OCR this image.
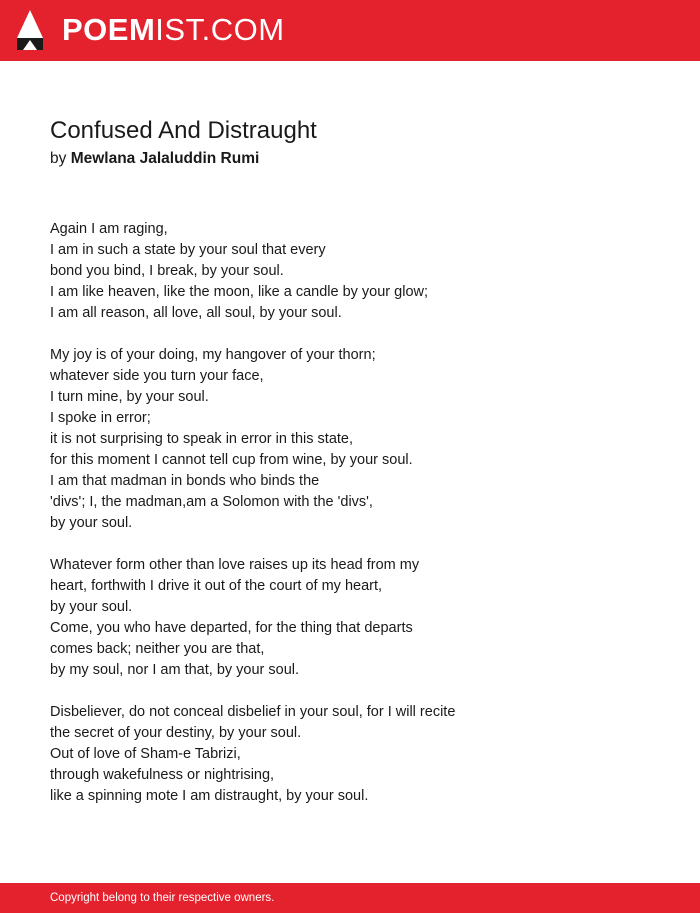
POEMIST.COM
Confused And Distraught
by Mewlana Jalaluddin Rumi
Again I am raging,
I am in such a state by your soul that every
bond you bind, I break, by your soul.
I am like heaven, like the moon, like a candle by your glow;
I am all reason, all love, all soul, by your soul.
My joy is of your doing, my hangover of your thorn;
whatever side you turn your face,
I turn mine, by your soul.
I spoke in error;
it is not surprising to speak in error in this state,
for this moment I cannot tell cup from wine, by your soul.
I am that madman in bonds who binds the
'divs'; I, the madman,am a Solomon with the 'divs',
by your soul.
Whatever form other than love raises up its head from my
heart, forthwith I drive it out of the court of my heart,
by your soul.
Come, you who have departed, for the thing that departs
comes back; neither you are that,
by my soul, nor I am that, by your soul.
Disbeliever, do not conceal disbelief in your soul, for I will recite
the secret of your destiny, by your soul.
Out of love of Sham-e Tabrizi,
through wakefulness or nightrising,
like a spinning mote I am distraught, by your soul.
Copyright belong to their respective owners.
